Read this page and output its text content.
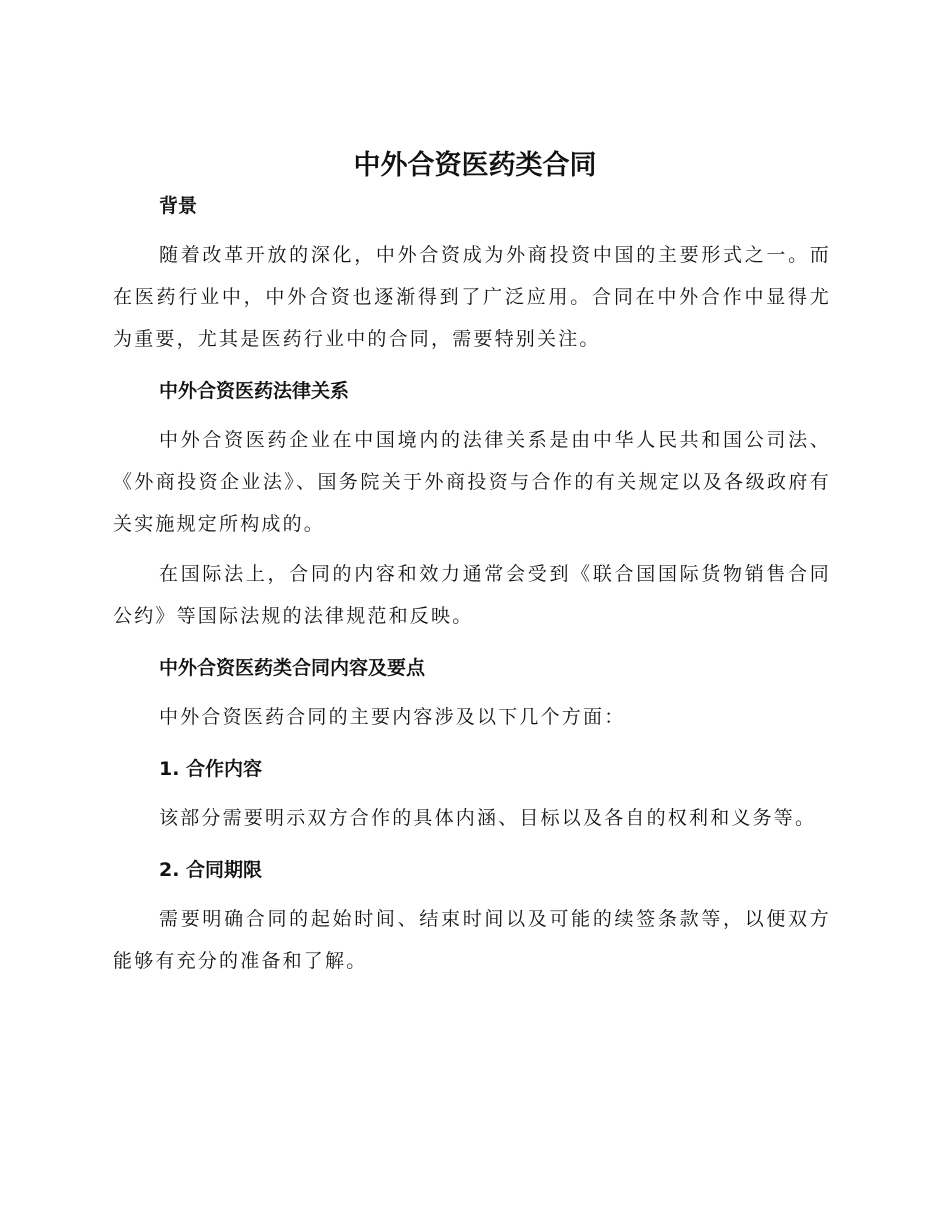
中外合资医药类合同
背景

随着改革开放的深化，中外合资成为外商投资中国的主要形式之一。而在医药行业中，中外合资也逐渐得到了广泛应用。合同在中外合作中显得尤为重要，尤其是医药行业中的合同，需要特别关注。

中外合资医药法律关系

中外合资医药企业在中国境内的法律关系是由中华人民共和国公司法、《外商投资企业法》、国务院关于外商投资与合作的有关规定以及各级政府有关实施规定所构成的。

在国际法上，合同的内容和效力通常会受到《联合国国际货物销售合同公约》等国际法规的法律规范和反映。

中外合资医药类合同内容及要点

中外合资医药合同的主要内容涉及以下几个方面：

1. 合作内容

该部分需要明示双方合作的具体内涵、目标以及各自的权利和义务等。

2. 合同期限

需要明确合同的起始时间、结束时间以及可能的续签条款等，以便双方能够有充分的准备和了解。
